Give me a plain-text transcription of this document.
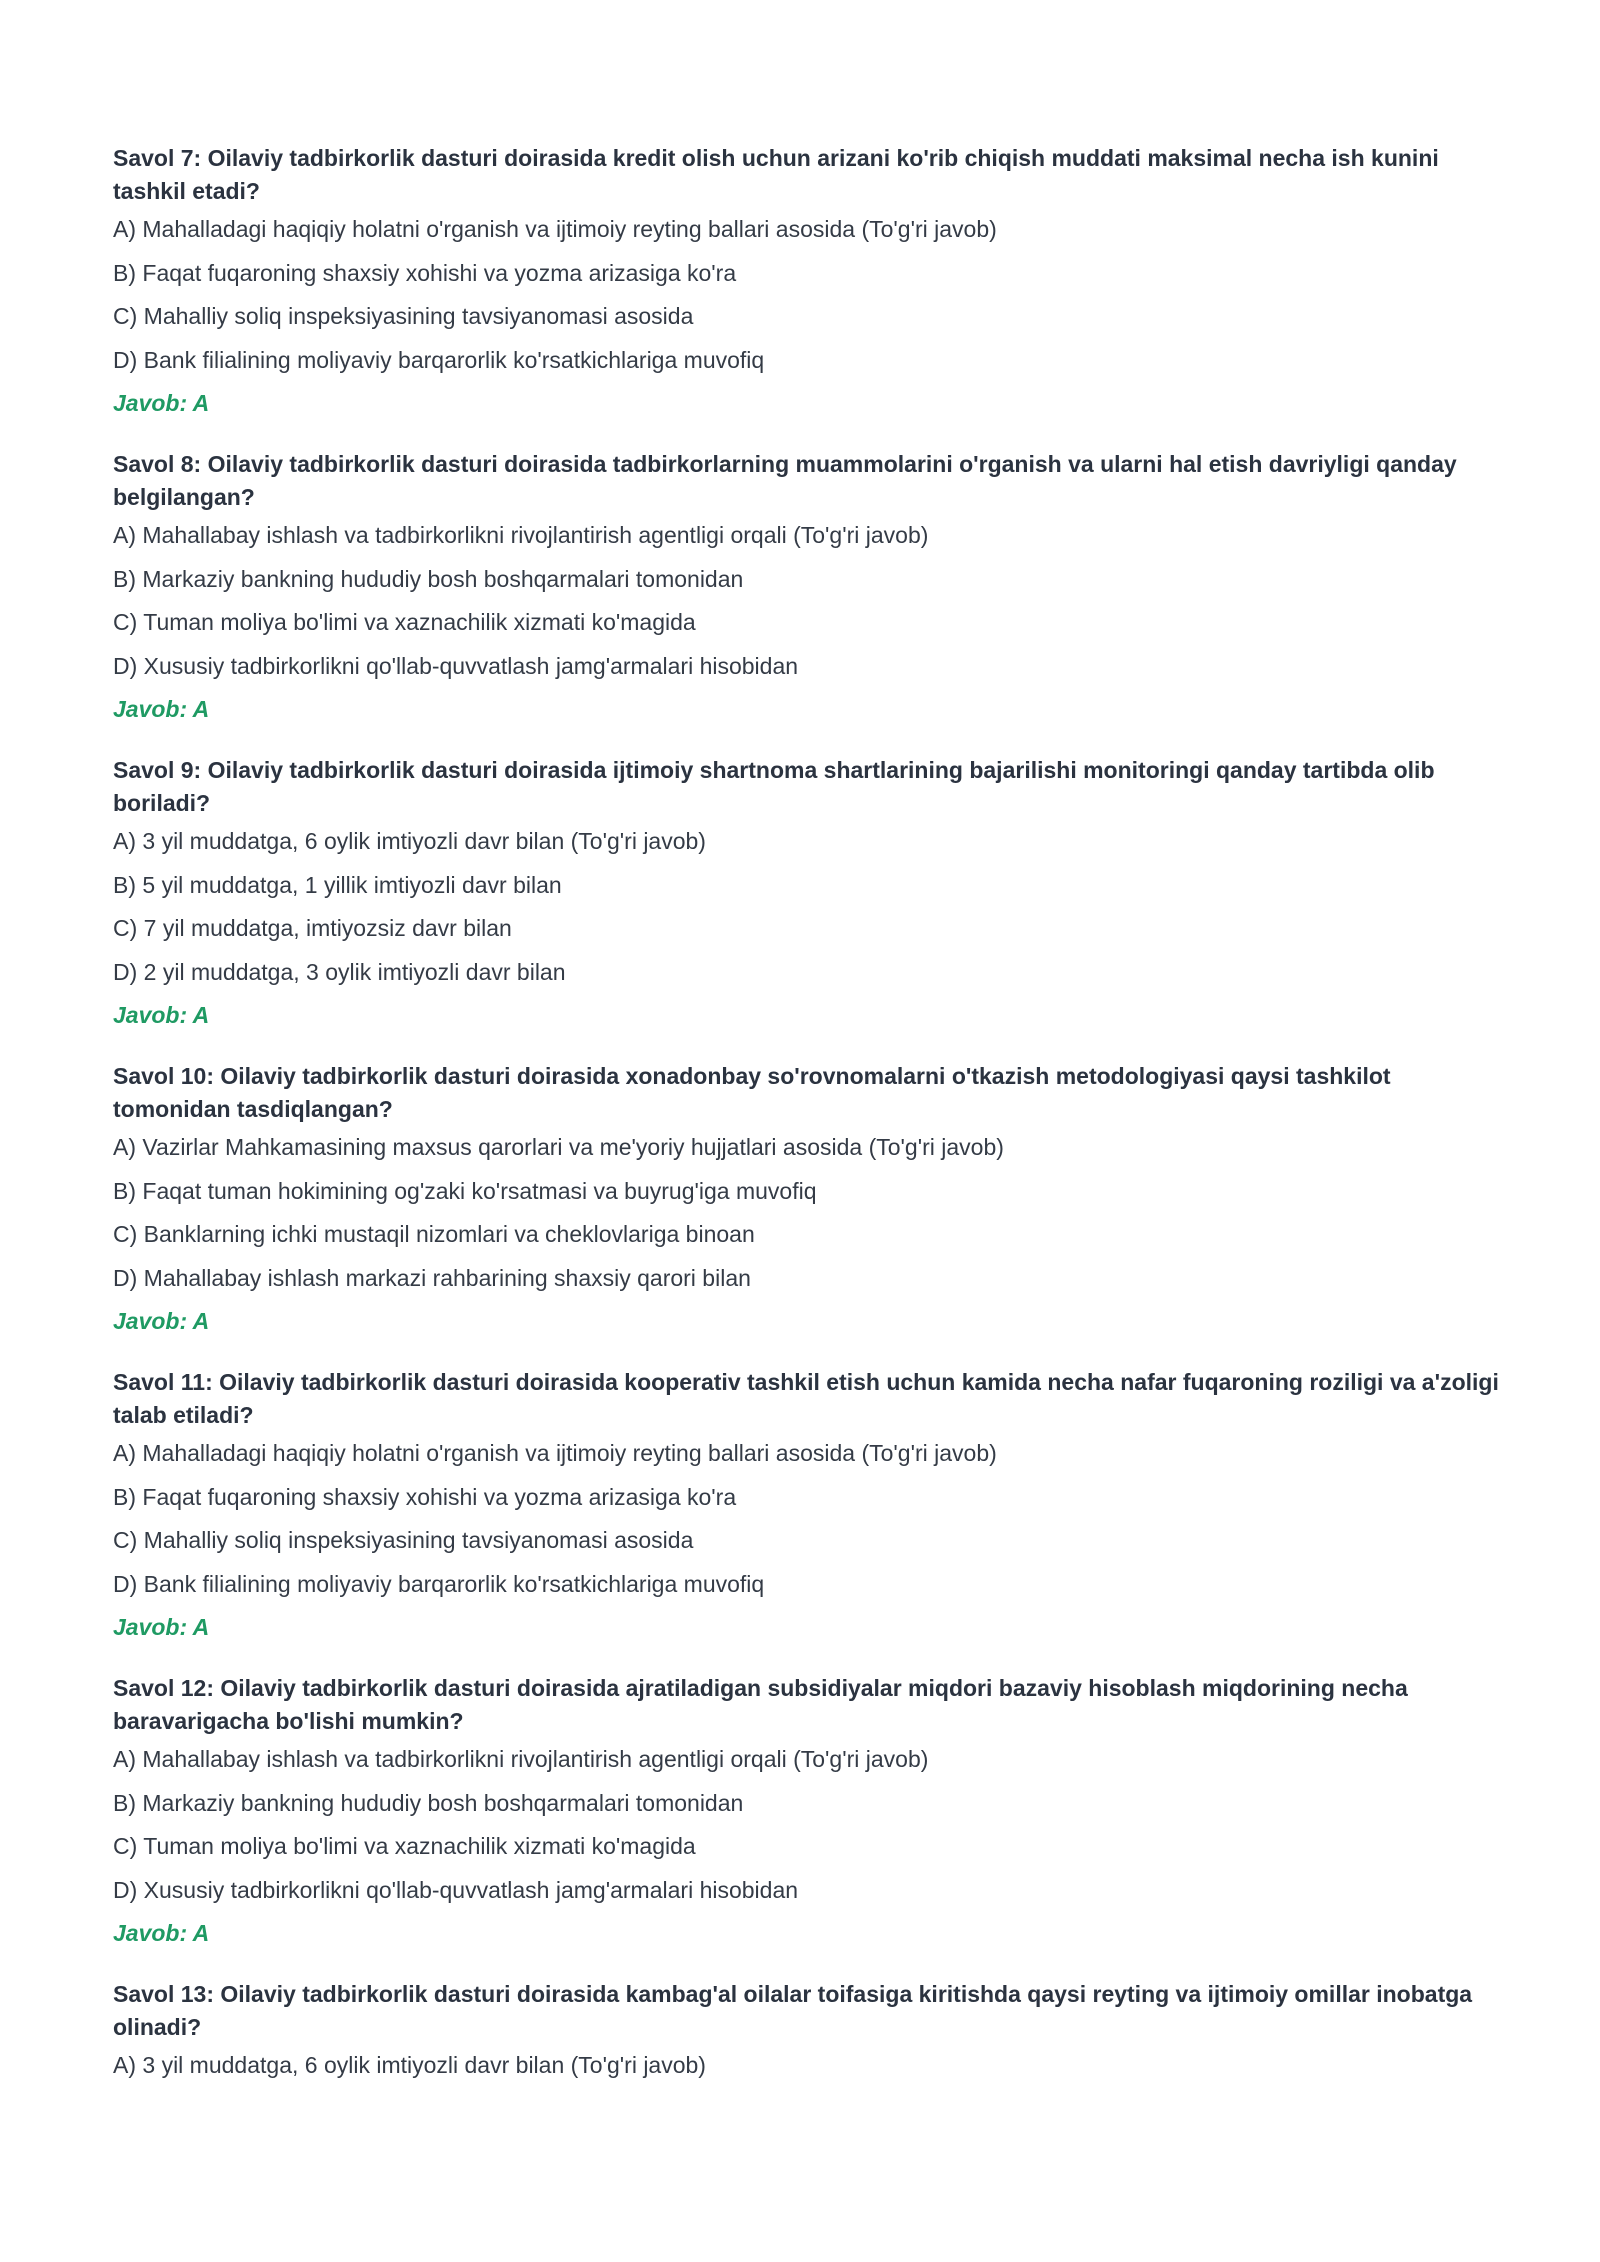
Savol 7: Oilaviy tadbirkorlik dasturi doirasida kredit olish uchun arizani ko'rib chiqish muddati maksimal necha ish kunini tashkil etadi?

A) Mahalladagi haqiqiy holatni o'rganish va ijtimoiy reyting ballari asosida (To'g'ri javob)
B) Faqat fuqaroning shaxsiy xohishi va yozma arizasiga ko'ra
C) Mahalliy soliq inspeksiyasining tavsiyanomasi asosida
D) Bank filialining moliyaviy barqarorlik ko'rsatkichlariga muvofiq

Javob: A

Savol 8: Oilaviy tadbirkorlik dasturi doirasida tadbirkorlarning muammolarini o'rganish va ularni hal etish davriyligi qanday belgilangan?

A) Mahallabay ishlash va tadbirkorlikni rivojlantirish agentligi orqali (To'g'ri javob)
B) Markaziy bankning hududiy bosh boshqarmalari tomonidan
C) Tuman moliya bo'limi va xaznachilik xizmati ko'magida
D) Xususiy tadbirkorlikni qo'llab-quvvatlash jamg'armalari hisobidan

Javob: A

Savol 9: Oilaviy tadbirkorlik dasturi doirasida ijtimoiy shartnoma shartlarining bajarilishi monitoringi qanday tartibda olib boriladi?

A) 3 yil muddatga, 6 oylik imtiyozli davr bilan (To'g'ri javob)
B) 5 yil muddatga, 1 yillik imtiyozli davr bilan
C) 7 yil muddatga, imtiyozsiz davr bilan
D) 2 yil muddatga, 3 oylik imtiyozli davr bilan

Javob: A

Savol 10: Oilaviy tadbirkorlik dasturi doirasida xonadonbay so'rovnomalarni o'tkazish metodologiyasi qaysi tashkilot tomonidan tasdiqlangan?

A) Vazirlar Mahkamasining maxsus qarorlari va me'yoriy hujjatlari asosida (To'g'ri javob)
B) Faqat tuman hokimining og'zaki ko'rsatmasi va buyrug'iga muvofiq
C) Banklarning ichki mustaqil nizomlari va cheklovlariga binoan
D) Mahallabay ishlash markazi rahbarining shaxsiy qarori bilan

Javob: A

Savol 11: Oilaviy tadbirkorlik dasturi doirasida kooperativ tashkil etish uchun kamida necha nafar fuqaroning roziligi va a'zoligi talab etiladi?

A) Mahalladagi haqiqiy holatni o'rganish va ijtimoiy reyting ballari asosida (To'g'ri javob)
B) Faqat fuqaroning shaxsiy xohishi va yozma arizasiga ko'ra
C) Mahalliy soliq inspeksiyasining tavsiyanomasi asosida
D) Bank filialining moliyaviy barqarorlik ko'rsatkichlariga muvofiq

Javob: A

Savol 12: Oilaviy tadbirkorlik dasturi doirasida ajratiladigan subsidiyalar miqdori bazaviy hisoblash miqdorining necha baravarigacha bo'lishi mumkin?

A) Mahallabay ishlash va tadbirkorlikni rivojlantirish agentligi orqali (To'g'ri javob)
B) Markaziy bankning hududiy bosh boshqarmalari tomonidan
C) Tuman moliya bo'limi va xaznachilik xizmati ko'magida
D) Xususiy tadbirkorlikni qo'llab-quvvatlash jamg'armalari hisobidan

Javob: A

Savol 13: Oilaviy tadbirkorlik dasturi doirasida kambag'al oilalar toifasiga kiritishda qaysi reyting va ijtimoiy omillar inobatga olinadi?

A) 3 yil muddatga, 6 oylik imtiyozli davr bilan (To'g'ri javob)
